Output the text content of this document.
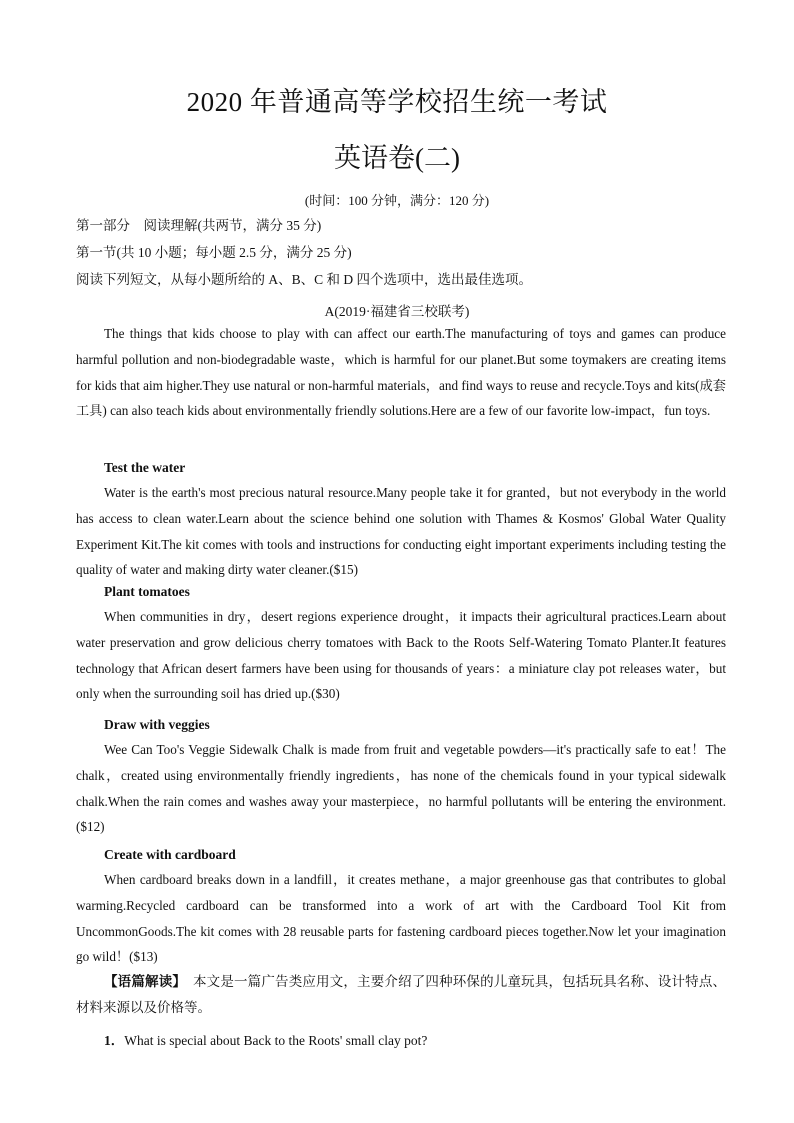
2020 年普通高等学校招生统一考试
英语卷(二)
(时间：100 分钟，满分：120 分)
第一部分　阅读理解(共两节，满分 35 分)
第一节(共 10 小题；每小题 2.5 分，满分 25 分)
阅读下列短文，从每小题所给的 A、B、C 和 D 四个选项中，选出最佳选项。
A(2019·福建省三校联考)
The things that kids choose to play with can affect our earth.The manufacturing of toys and games can produce harmful pollution and non-biodegradable waste，which is harmful for our planet.But some toymakers are creating items for kids that aim higher.They use natural or non-harmful materials，and find ways to reuse and recycle.Toys and kits(成套工具) can also teach kids about environmentally friendly solutions.Here are a few of our favorite low-impact，fun toys.
Test the water
Water is the earth's most precious natural resource.Many people take it for granted，but not everybody in the world has access to clean water.Learn about the science behind one solution with Thames & Kosmos' Global Water Quality Experiment Kit.The kit comes with tools and instructions for conducting eight important experiments including testing the quality of water and making dirty water cleaner.($15)
Plant tomatoes
When communities in dry，desert regions experience drought，it impacts their agricultural practices.Learn about water preservation and grow delicious cherry tomatoes with Back to the Roots Self-Watering Tomato Planter.It features technology that African desert farmers have been using for thousands of years：a miniature clay pot releases water，but only when the surrounding soil has dried up.($30)
Draw with veggies
Wee Can Too's Veggie Sidewalk Chalk is made from fruit and vegetable powders—it's practically safe to eat！The chalk，created using environmentally friendly ingredients，has none of the chemicals found in your typical sidewalk chalk.When the rain comes and washes away your masterpiece，no harmful pollutants will be entering the environment.($12)
Create with cardboard
When cardboard breaks down in a landfill，it creates methane，a major greenhouse gas that contributes to global warming.Recycled cardboard can be transformed into a work of art with the Cardboard Tool Kit from UncommonGoods.The kit comes with 28 reusable parts for fastening cardboard pieces together.Now let your imagination go wild！($13)
【语篇解读】　 本文是一篇广告类应用文，主要介绍了四种环保的儿童玩具，包括玩具名称、设计特点、材料来源以及价格等。
1．What is special about Back to the Roots' small clay pot?
